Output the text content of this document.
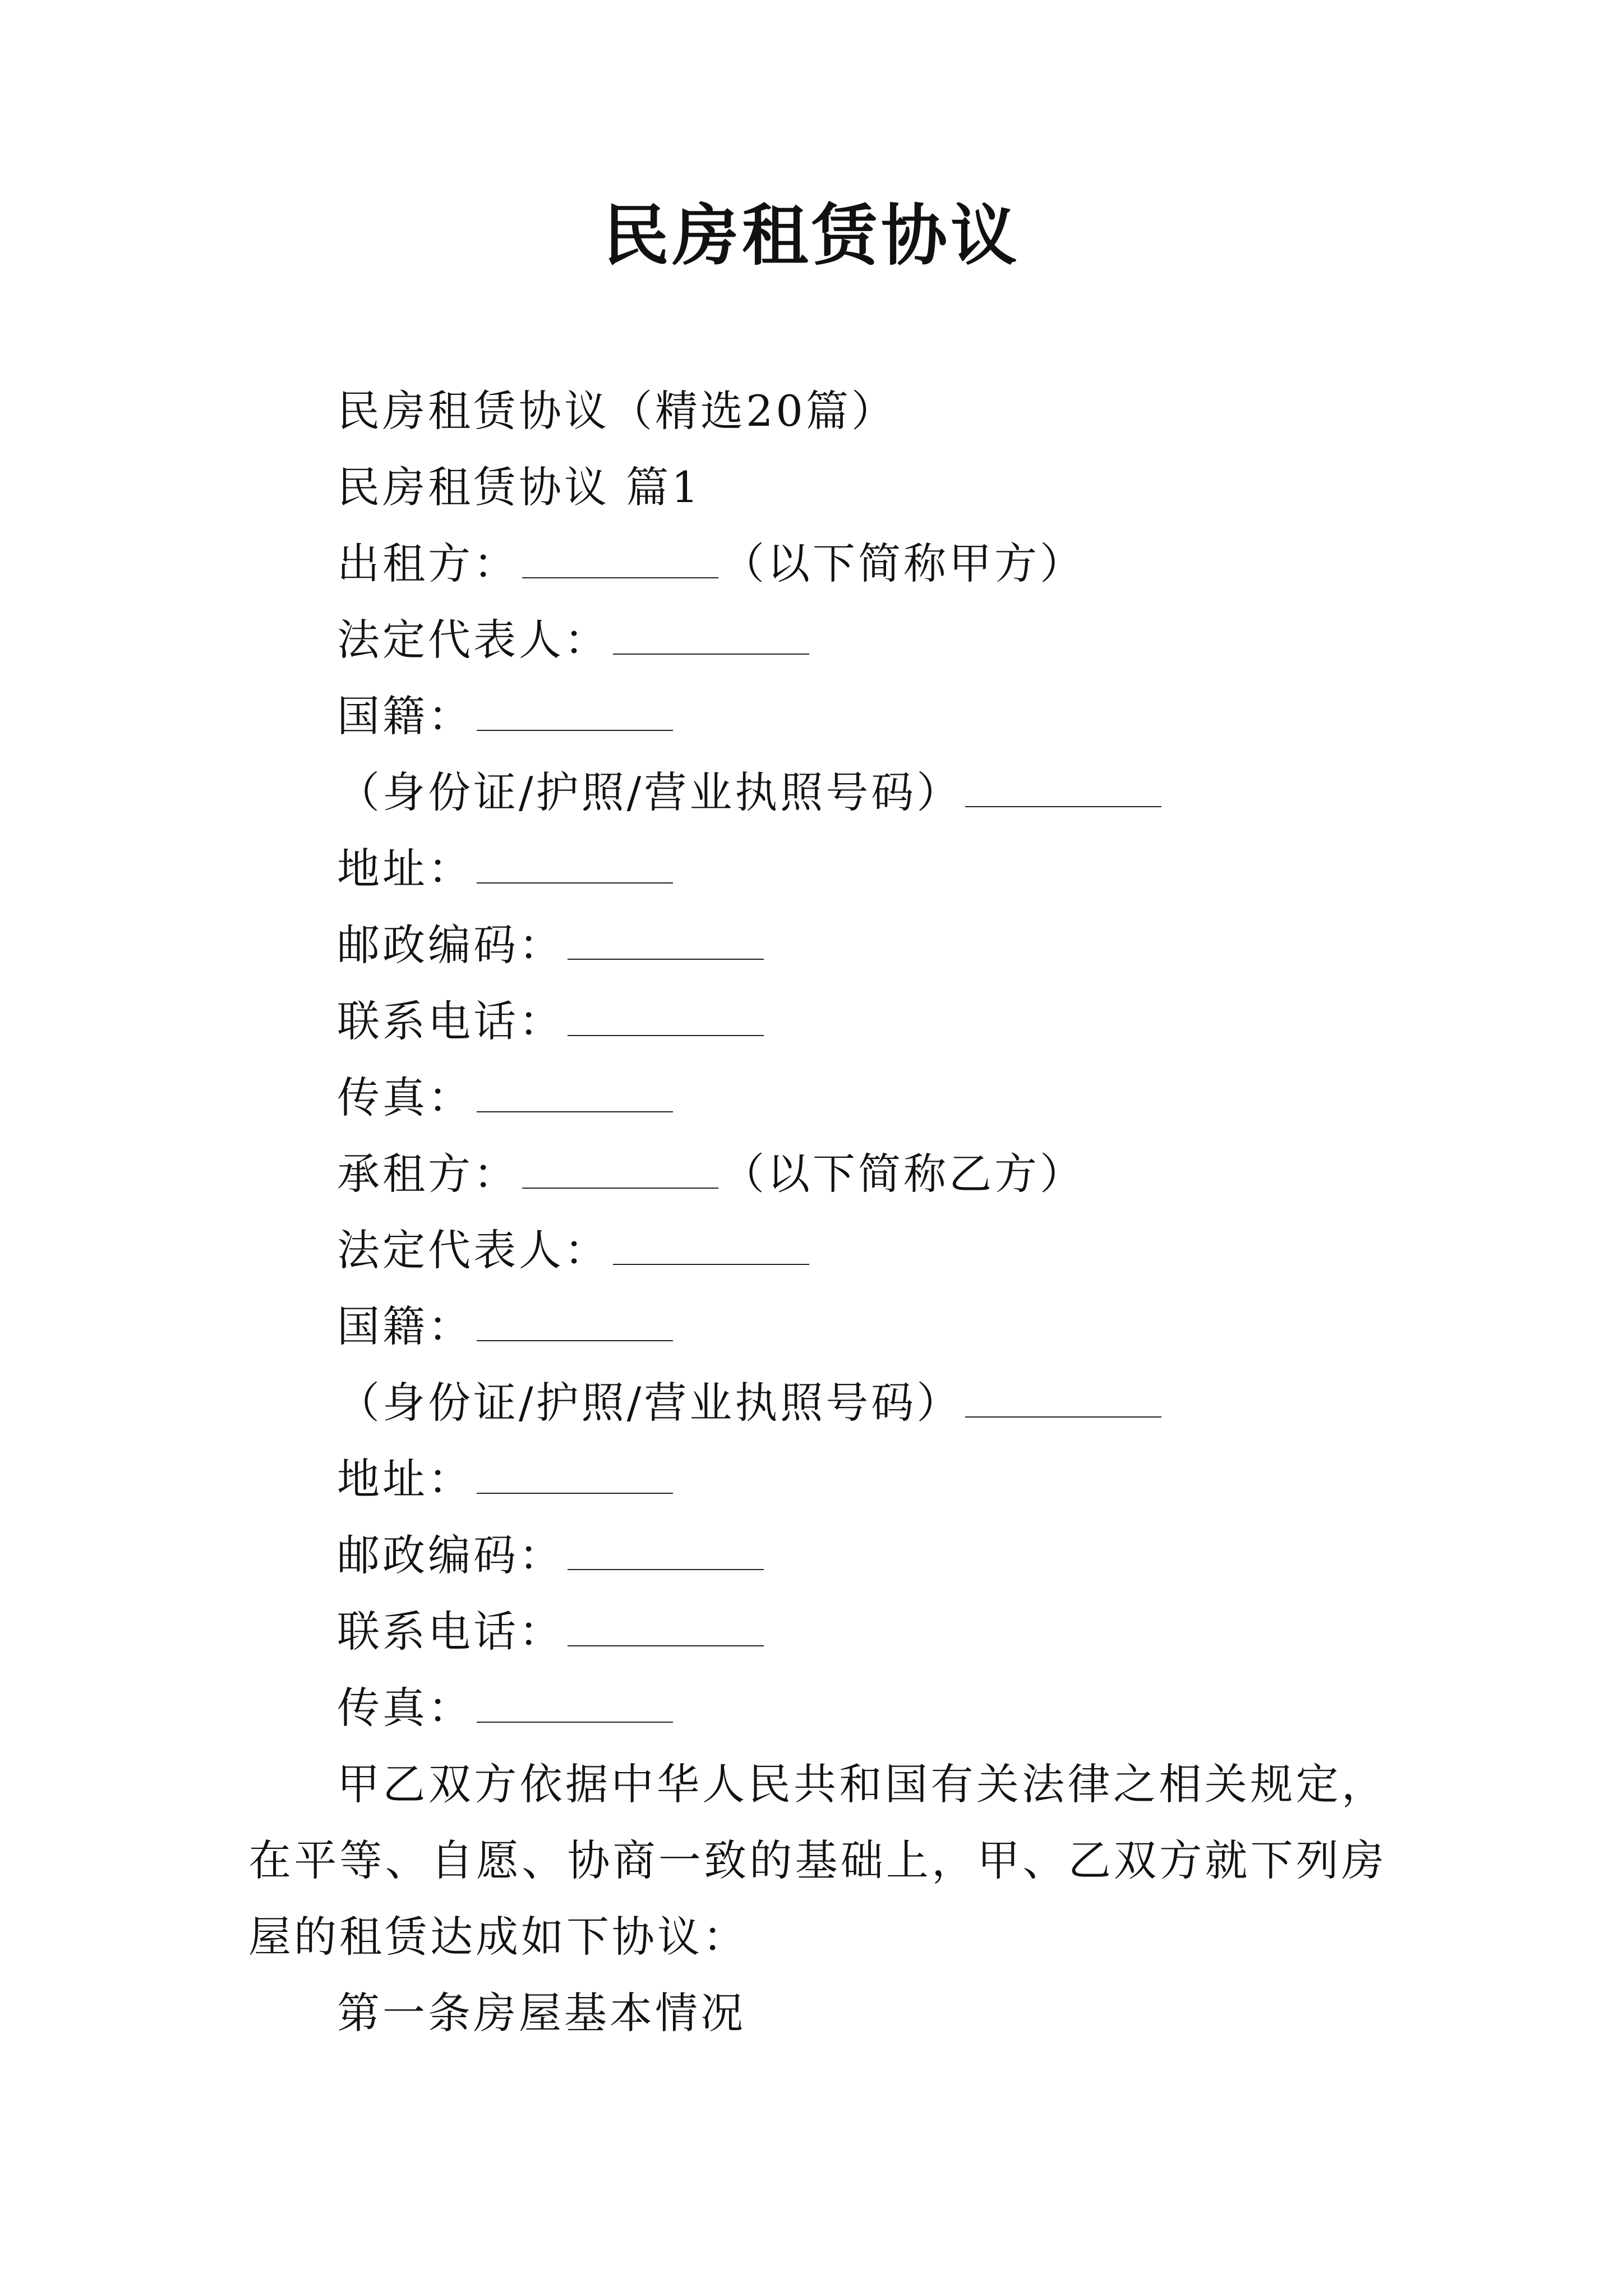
民房租赁协议
民房租赁协议（精选20篇）
民房租赁协议 篇1
出租方：	（以下简称甲方）
法定代表人：
国籍：
（身份证/护照/营业执照号码）
地址：
邮政编码：
联系电话：
传真：
承租方：	（以下简称乙方）
法定代表人：
国籍：
（身份证/护照/营业执照号码）
地址：
邮政编码：
联系电话：
传真：
甲乙双方依据中华人民共和国有关法律之相关规定，在平等、自愿、协商一致的基础上，甲、乙双方就下列房屋的租赁达成如下协议：
第一条房屋基本情况
